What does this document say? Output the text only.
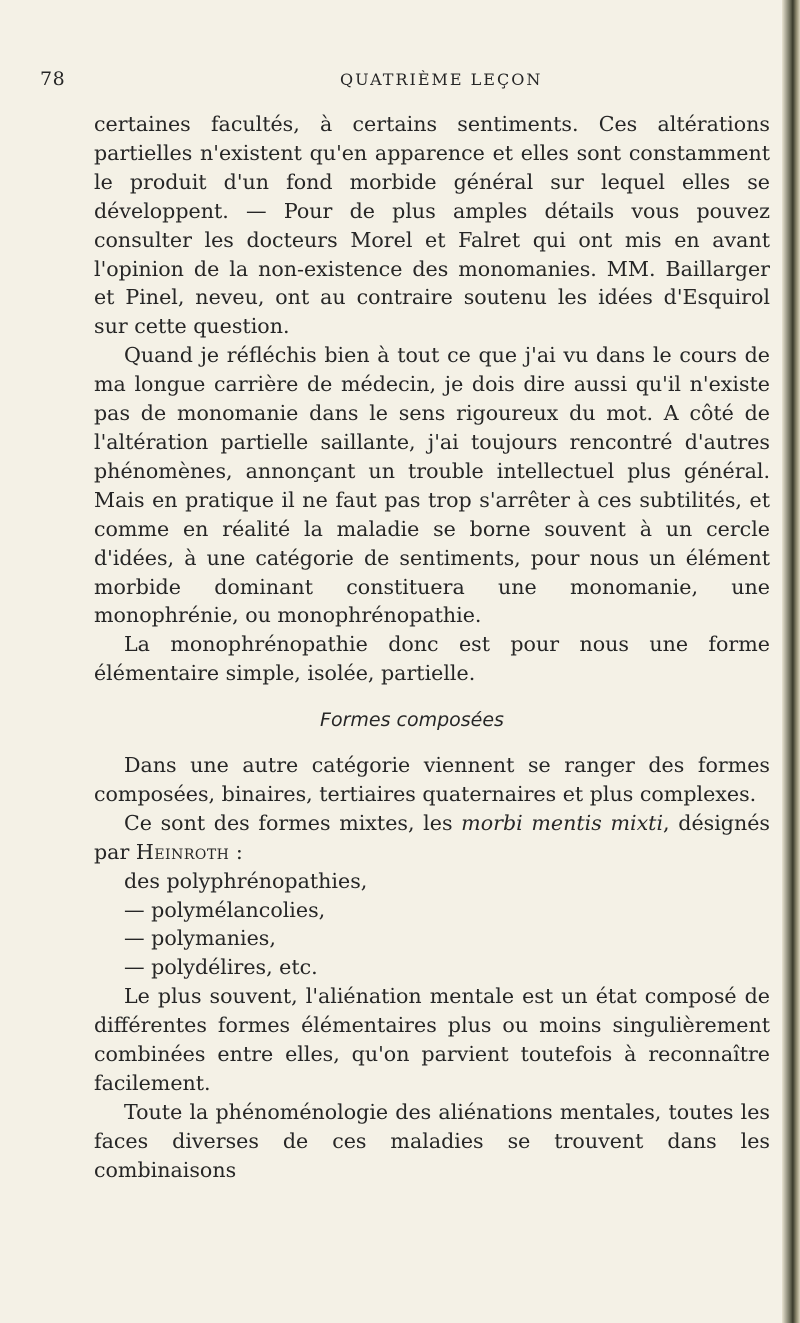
78	QUATRIÈME LEÇON

certaines facultés, à certains sentiments. Ces altérations partielles n'existent qu'en apparence et elles sont constamment le produit d'un fond morbide général sur lequel elles se développent. — Pour de plus amples détails vous pouvez consulter les docteurs Morel et Falret qui ont mis en avant l'opinion de la non-existence des monomanies. MM. Baillarger et Pinel, neveu, ont au contraire soutenu les idées d'Esquirol sur cette question.

Quand je réfléchis bien à tout ce que j'ai vu dans le cours de ma longue carrière de médecin, je dois dire aussi qu'il n'existe pas de monomanie dans le sens rigoureux du mot. A côté de l'altération partielle saillante, j'ai toujours rencontré d'autres phénomènes, annonçant un trouble intellectuel plus général. Mais en pratique il ne faut pas trop s'arrêter à ces subtilités, et comme en réalité la maladie se borne souvent à un cercle d'idées, à une catégorie de sentiments, pour nous un élément morbide dominant constituera une monomanie, une monophrénie, ou monophrénopathie.

La monophrénopathie donc est pour nous une forme élémentaire simple, isolée, partielle.

Formes composées

Dans une autre catégorie viennent se ranger des formes composées, binaires, tertiaires quaternaires et plus complexes.

Ce sont des formes mixtes, les morbi mentis mixti, désignés par Heinroth :

des polyphrénopathies,

— polymélancolies,

— polymanies,

— polydélires, etc.

Le plus souvent, l'aliénation mentale est un état composé de différentes formes élémentaires plus ou moins singulièrement combinées entre elles, qu'on parvient toutefois à reconnaître facilement.

Toute la phénoménologie des aliénations mentales, toutes les faces diverses de ces maladies se trouvent dans les combinaisons
